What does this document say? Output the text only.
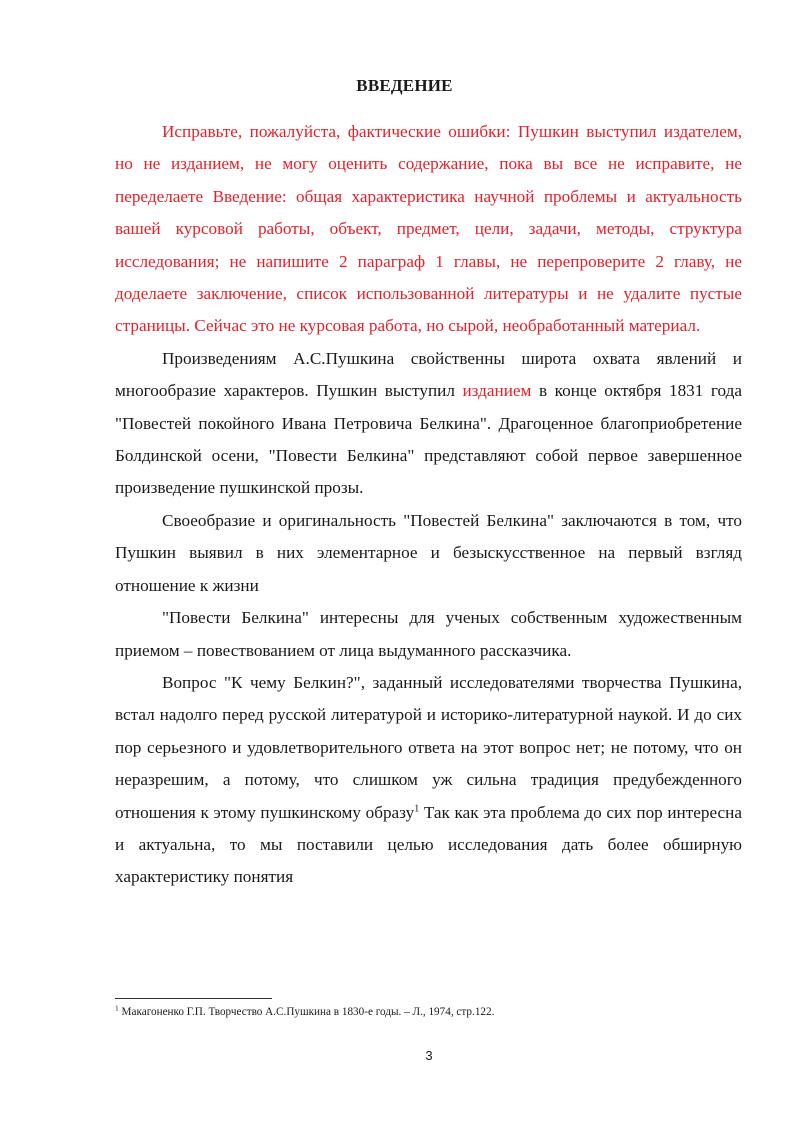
ВВЕДЕНИЕ

Исправьте, пожалуйста, фактические ошибки: Пушкин выступил издателем, но не изданием, не могу оценить содержание, пока вы все не исправите, не переделаете Введение: общая характеристика научной проблемы и актуальность вашей курсовой работы, объект, предмет, цели, задачи, методы, структура исследования; не напишите 2 параграф 1 главы, не перепроверите 2 главу, не доделаете заключение, список использованной литературы и не удалите пустые страницы. Сейчас это не курсовая работа, но сырой, необработанный материал.

Произведениям А.С.Пушкина свойственны широта охвата явлений и многообразие характеров. Пушкин выступил изданием в конце октября 1831 года "Повестей покойного Ивана Петровича Белкина". Драгоценное благоприобретение Болдинской осени, "Повести Белкина" представляют собой первое завершенное произведение пушкинской прозы.

Своеобразие и оригинальность "Повестей Белкина" заключаются в том, что Пушкин выявил в них элементарное и безыскусственное на первый взгляд отношение к жизни

"Повести Белкина" интересны для ученых собственным художественным приемом – повествованием от лица выдуманного рассказчика.

Вопрос "К чему Белкин?", заданный исследователями творчества Пушкина, встал надолго перед русской литературой и историко-литературной наукой. И до сих пор серьезного и удовлетворительного ответа на этот вопрос нет; не потому, что он неразрешим, а потому, что слишком уж сильна традиция предубежденного отношения к этому пушкинскому образу$^1$ Так как эта проблема до сих пор интересна и актуальна, то мы поставили целью исследования дать более обширную характеристику понятия

$^1$ Макагоненко Г.П. Творчество А.С.Пушкина в 1830-е годы. – Л., 1974, стр.122.
3
